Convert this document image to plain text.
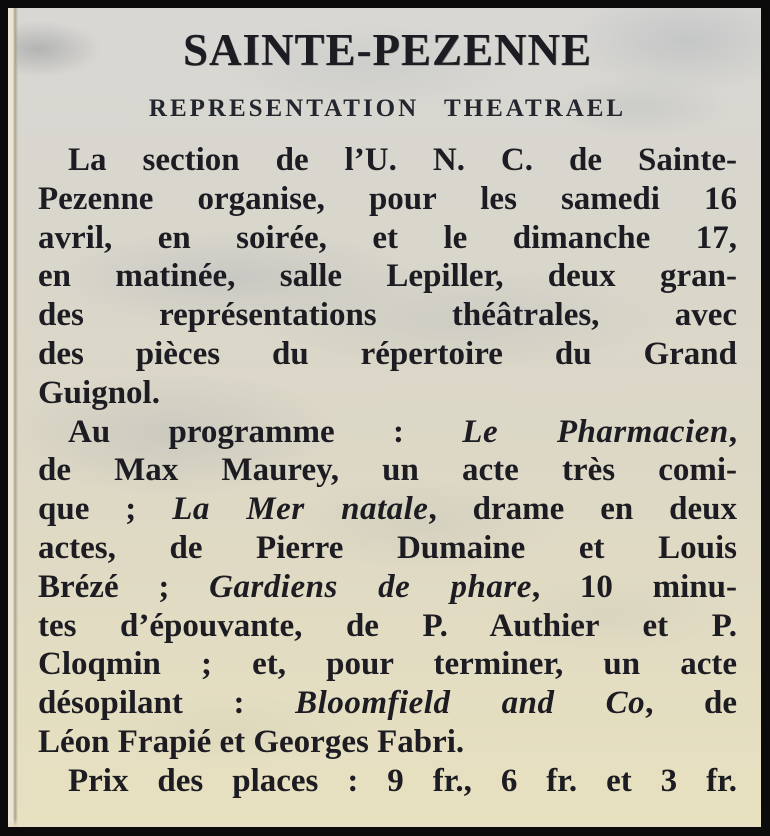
SAINTE-PEZENNE
REPRESENTATION THEATRAEL
La section de l’U. N. C. de Sainte-
Pezenne organise, pour les samedi 16
avril, en soirée, et le dimanche 17,
en matinée, salle Lepiller, deux gran-
des représentations théâtrales, avec
des pièces du répertoire du Grand
Guignol.
Au programme : Le Pharmacien,
de Max Maurey, un acte très comi-
que ; La Mer natale, drame en deux
actes, de Pierre Dumaine et Louis
Brézé ; Gardiens de phare, 10 minu-
tes d’épouvante, de P. Authier et P.
Cloqmin ; et, pour terminer, un acte
désopilant : Bloomfield and Co, de
Léon Frapié et Georges Fabri.
Prix des places : 9 fr., 6 fr. et 3 fr.
